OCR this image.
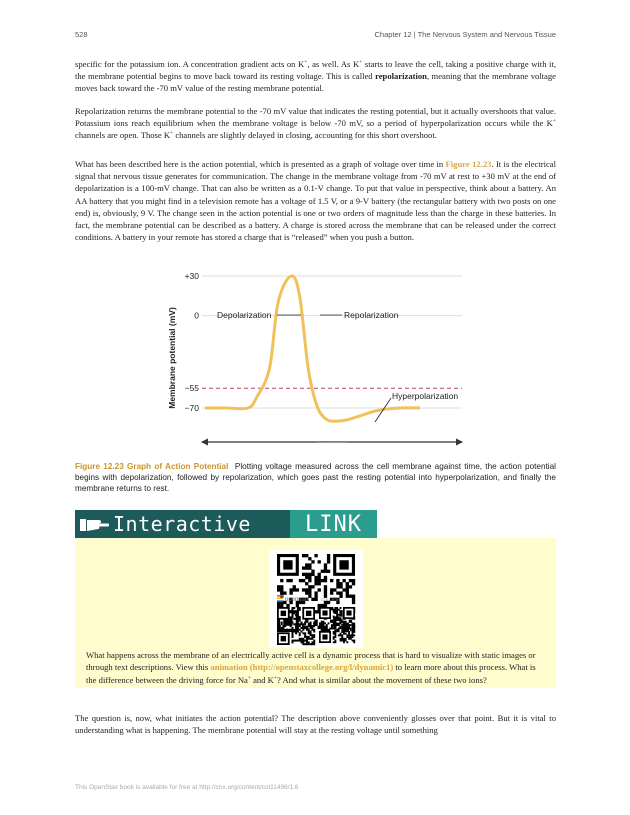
528	Chapter 12 | The Nervous System and Nervous Tissue

specific for the potassium ion. A concentration gradient acts on K+, as well. As K+ starts to leave the cell, taking a positive charge with it, the membrane potential begins to move back toward its resting voltage. This is called repolarization, meaning that the membrane voltage moves back toward the -70 mV value of the resting membrane potential.

Repolarization returns the membrane potential to the -70 mV value that indicates the resting potential, but it actually overshoots that value. Potassium ions reach equilibrium when the membrane voltage is below -70 mV, so a period of hyperpolarization occurs while the K+ channels are open. Those K+ channels are slightly delayed in closing, accounting for this short overshoot.

What has been described here is the action potential, which is presented as a graph of voltage over time in Figure 12.23. It is the electrical signal that nervous tissue generates for communication. The change in the membrane voltage from -70 mV at rest to +30 mV at the end of depolarization is a 100-mV change. That can also be written as a 0.1-V change. To put that value in perspective, think about a battery. An AA battery that you might find in a television remote has a voltage of 1.5 V, or a 9-V battery (the rectangular battery with two posts on one end) is, obviously, 9 V. The change seen in the action potential is one or two orders of magnitude less than the charge in these batteries. In fact, the membrane potential can be described as a battery. A charge is stored across the membrane that can be released under the correct conditions. A battery in your remote has stored a charge that is “released” when you push a button.

Membrane potential (mV)
+30
0
−55
−70
Depolarization	Repolarization
Hyperpolarization

Figure 12.23 Graph of Action Potential Plotting voltage measured across the cell membrane against time, the action potential begins with depolarization, followed by repolarization, which goes past the resting potential into hyperpolarization, and finally the membrane returns to rest.

Interactive LINK
openstax	COLLEGE

What happens across the membrane of an electrically active cell is a dynamic process that is hard to visualize with static images or through text descriptions. View this animation (http://openstaxcollege.org/l/dynamic1) to learn more about this process. What is the difference between the driving force for Na+ and K+? And what is similar about the movement of these two ions?

The question is, now, what initiates the action potential? The description above conveniently glosses over that point. But it is vital to understanding what is happening. The membrane potential will stay at the resting voltage until something

This OpenStax book is available for free at http://cnx.org/content/col11496/1.6
